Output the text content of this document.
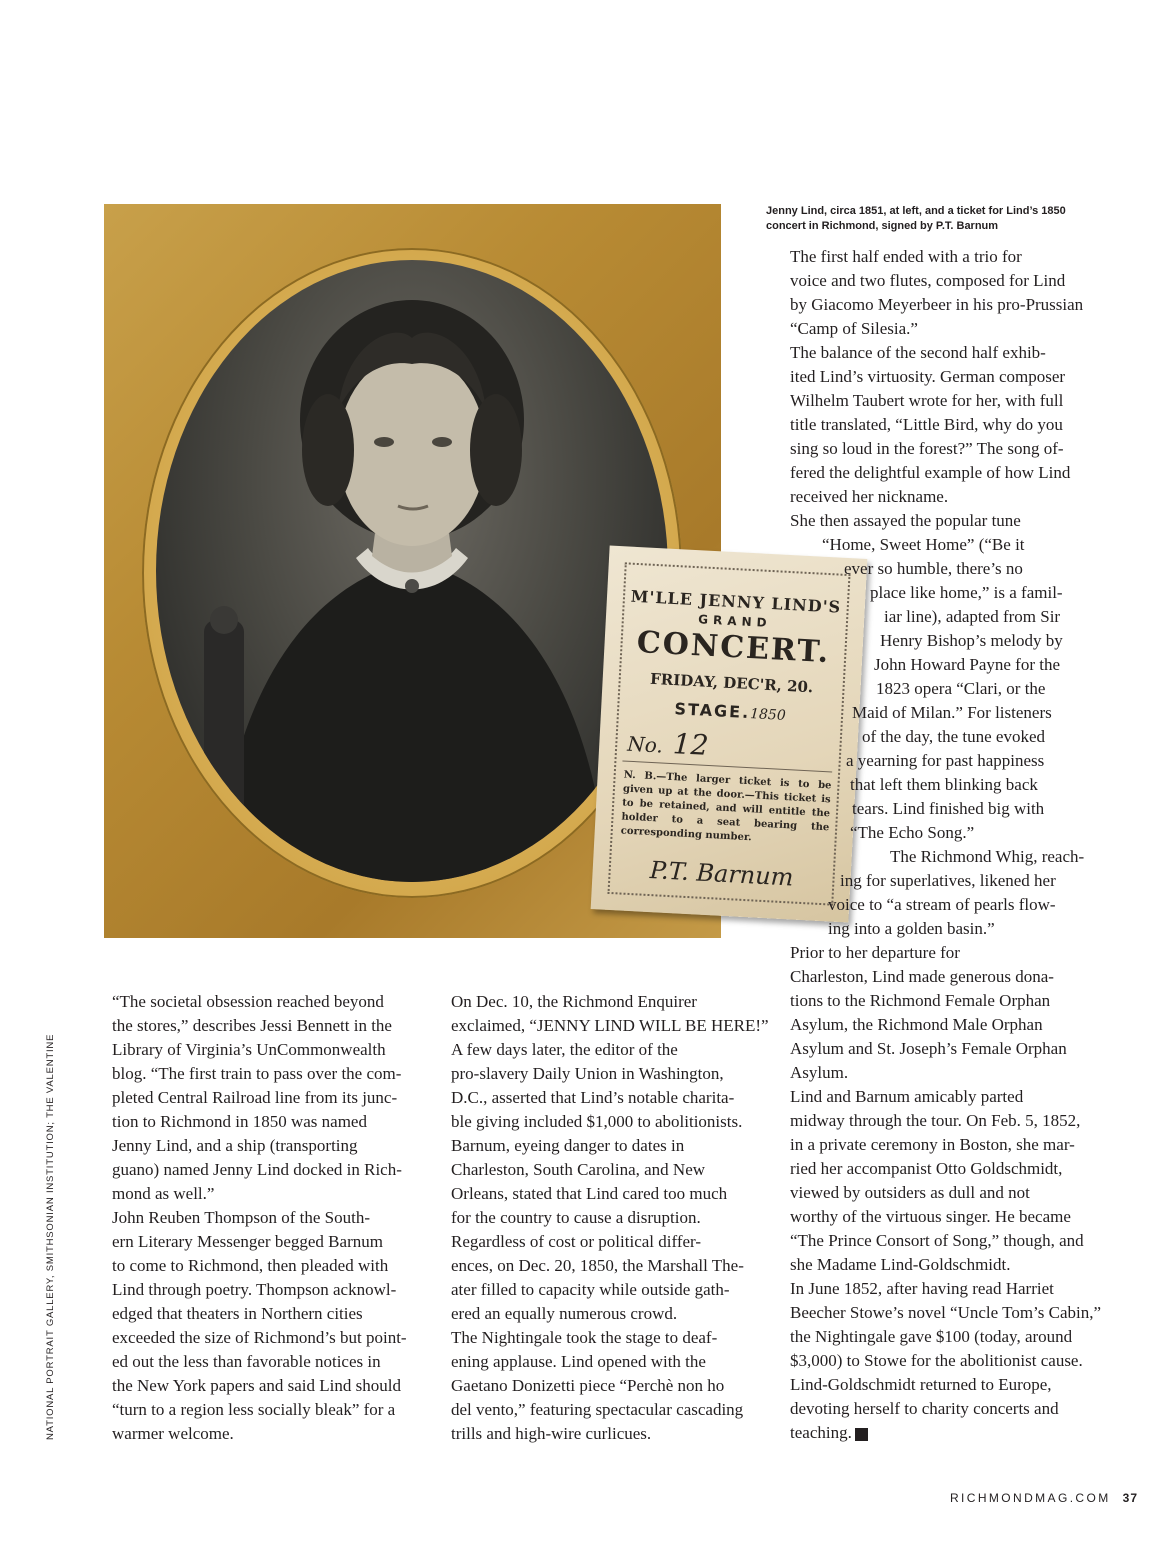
M'LLE JENNY LIND'S
GRAND
CONCERT.
FRIDAY, DEC'R, 20.
STAGE.1850
No. 12
N. B.—The larger ticket is to be given up at the door.—This ticket is to be retained, and will entitle the holder to a seat bearing the corresponding number.
P.T. Barnum
Jenny Lind, circa 1851, at left, and a ticket for Lind’s 1850 concert in Richmond, signed by P.T. Barnum

“The societal obsession reached beyond

the stores,” describes Jessi Bennett in the
Library of Virginia’s UnCommonwealth
blog. “The first train to pass over the com-
pleted Central Railroad line from its junc-
tion to Richmond in 1850 was named
Jenny Lind, and a ship (transporting
guano) named Jenny Lind docked in Rich-
mond as well.”

John Reuben Thompson of the South-

ern Literary Messenger begged Barnum
to come to Richmond, then pleaded with
Lind through poetry. Thompson acknowl-
edged that theaters in Northern cities
exceeded the size of Richmond’s but point-
ed out the less than favorable notices in
the New York papers and said Lind should
“turn to a region less socially bleak” for a
warmer welcome.

On Dec. 10, the Richmond Enquirer

exclaimed, “JENNY LIND WILL BE HERE!”

A few days later, the editor of the

pro-slavery Daily Union in Washington,
D.C., asserted that Lind’s notable charita-
ble giving included $1,000 to abolitionists.
Barnum, eyeing danger to dates in
Charleston, South Carolina, and New
Orleans, stated that Lind cared too much
for the country to cause a disruption.

Regardless of cost or political differ-

ences, on Dec. 20, 1850, the Marshall The-
ater filled to capacity while outside gath-
ered an equally numerous crowd.

The Nightingale took the stage to deaf-

ening applause. Lind opened with the
Gaetano Donizetti piece “Perchè non ho
del vento,” featuring spectacular cascading
trills and high-wire curlicues.

The first half ended with a trio for

voice and two flutes, composed for Lind
by Giacomo Meyerbeer in his pro-Prussian
“Camp of Silesia.”

The balance of the second half exhib-

ited Lind’s virtuosity. German composer
Wilhelm Taubert wrote for her, with full
title translated, “Little Bird, why do you
sing so loud in the forest?” The song of-
fered the delightful example of how Lind
received her nickname.

She then assayed the popular tune
“Home, Sweet Home” (“Be it
ever so humble, there’s no
place like home,” is a famil-
iar line), adapted from Sir
Henry Bishop’s melody by
John Howard Payne for the
1823 opera “Clari, or the
Maid of Milan.” For listeners
of the day, the tune evoked
a yearning for past happiness
that left them blinking back
tears. Lind finished big with
“The Echo Song.”

The Richmond Whig, reach-
ing for superlatives, likened her
voice to “a stream of pearls flow-
ing into a golden basin.”

Prior to her departure for

Charleston, Lind made generous dona-
tions to the Richmond Female Orphan
Asylum, the Richmond Male Orphan
Asylum and St. Joseph’s Female Orphan
Asylum.

Lind and Barnum amicably parted

midway through the tour. On Feb. 5, 1852,
in a private ceremony in Boston, she mar-
ried her accompanist Otto Goldschmidt,
viewed by outsiders as dull and not
worthy of the virtuous singer. He became
“The Prince Consort of Song,” though, and
she Madame Lind-Goldschmidt.

In June 1852, after having read Harriet

Beecher Stowe’s novel “Uncle Tom’s Cabin,”
the Nightingale gave $100 (today, around
$3,000) to Stowe for the abolitionist cause.
Lind-Goldschmidt returned to Europe,
devoting herself to charity concerts and
teaching.	R

NATIONAL PORTRAIT GALLERY, SMITHSONIAN INSTITUTION; THE VALENTINE
RICHMONDMAG.COM 37
